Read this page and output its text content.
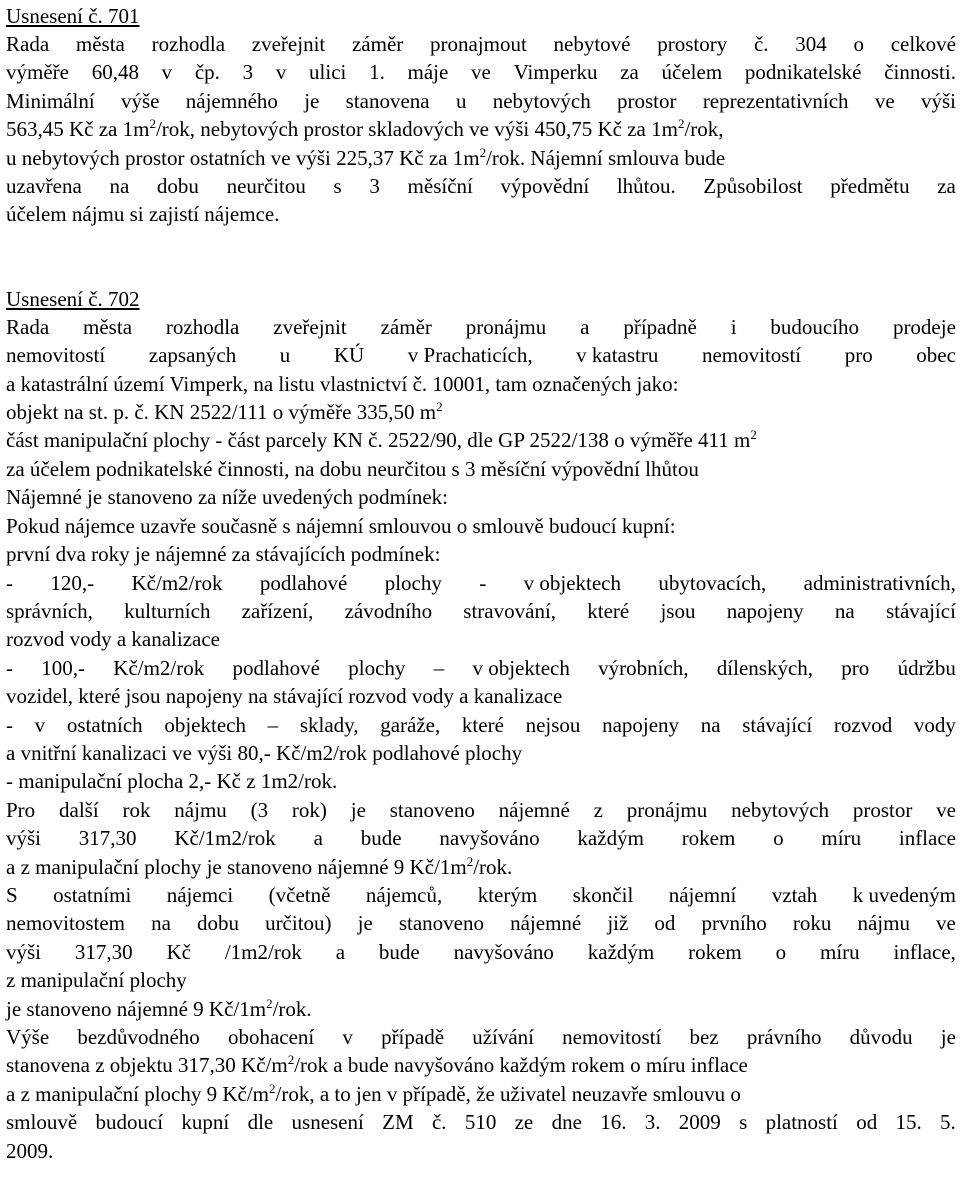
Usnesení č. 701
Rada města rozhodla zveřejnit záměr pronajmout nebytové prostory č. 304 o celkové
výměře 60,48 v čp. 3 v ulici 1. máje ve Vimperku za účelem podnikatelské činnosti.
Minimální výše nájemného je stanovena u nebytových prostor reprezentativních ve výši
563,45 Kč za $1m^2$/rok, nebytových prostor skladových ve výši 450,75 Kč za $1m^2$/rok,
u nebytových prostor ostatních ve výši 225,37 Kč za $1m^2$/rok. Nájemní smlouva bude
uzavřena na dobu neurčitou s 3 měsíční výpovědní lhůtou. Způsobilost předmětu za
účelem nájmu si zajistí nájemce.
Usnesení č. 702
Rada města rozhodla zveřejnit záměr pronájmu a případně i budoucího prodeje
nemovitostí zapsaných u KÚ v Prachaticích, v katastru nemovitostí pro obec
a katastrální území Vimperk, na listu vlastnictví č. 10001, tam označených jako:
objekt na st. p. č. KN 2522/111 o výměře 335,50 $m^2$
část manipulační plochy - část parcely KN č. 2522/90, dle GP 2522/138 o výměře 411 $m^2$
za účelem podnikatelské činnosti, na dobu neurčitou s 3 měsíční výpovědní lhůtou
Nájemné je stanoveno za níže uvedených podmínek:
Pokud nájemce uzavře současně s nájemní smlouvou o smlouvě budoucí kupní:
první dva roky je nájemné za stávajících podmínek:
- 120,- Kč/m2/rok podlahové plochy - v objektech ubytovacích, administrativních,
správních, kulturních zařízení, závodního stravování, které jsou napojeny na stávající
rozvod vody a kanalizace
- 100,- Kč/m2/rok podlahové plochy – v objektech výrobních, dílenských, pro údržbu
vozidel, které jsou napojeny na stávající rozvod vody a kanalizace
- v ostatních objektech – sklady, garáže, které nejsou napojeny na stávající rozvod vody
a vnitřní kanalizaci ve výši 80,- Kč/m2/rok podlahové plochy
- manipulační plocha 2,- Kč z 1m2/rok.
Pro další rok nájmu (3 rok) je stanoveno nájemné z pronájmu nebytových prostor ve
výši 317,30 Kč/1m2/rok a bude navyšováno každým rokem o míru inflace
a z manipulační plochy je stanoveno nájemné 9 $Kč/1m^2$/rok.
S ostatními nájemci (včetně nájemců, kterým skončil nájemní vztah k uvedeným
nemovitostem na dobu určitou) je stanoveno nájemné již od prvního roku nájmu ve
výši 317,30 Kč /1m2/rok a bude navyšováno každým rokem o míru inflace,
z manipulační plochy
je stanoveno nájemné 9 $Kč/1m^2$/rok.
Výše bezdůvodného obohacení v případě užívání nemovitostí bez právního důvodu je
stanovena z objektu 317,30 $Kč/m^2$/rok a bude navyšováno každým rokem o míru inflace
a z manipulační plochy 9 $Kč/m^2$/rok, a to jen v případě, že uživatel neuzavře smlouvu o
smlouvě budoucí kupní dle usnesení ZM č. 510 ze dne 16. 3. 2009 s platností od 15. 5.
2009.
